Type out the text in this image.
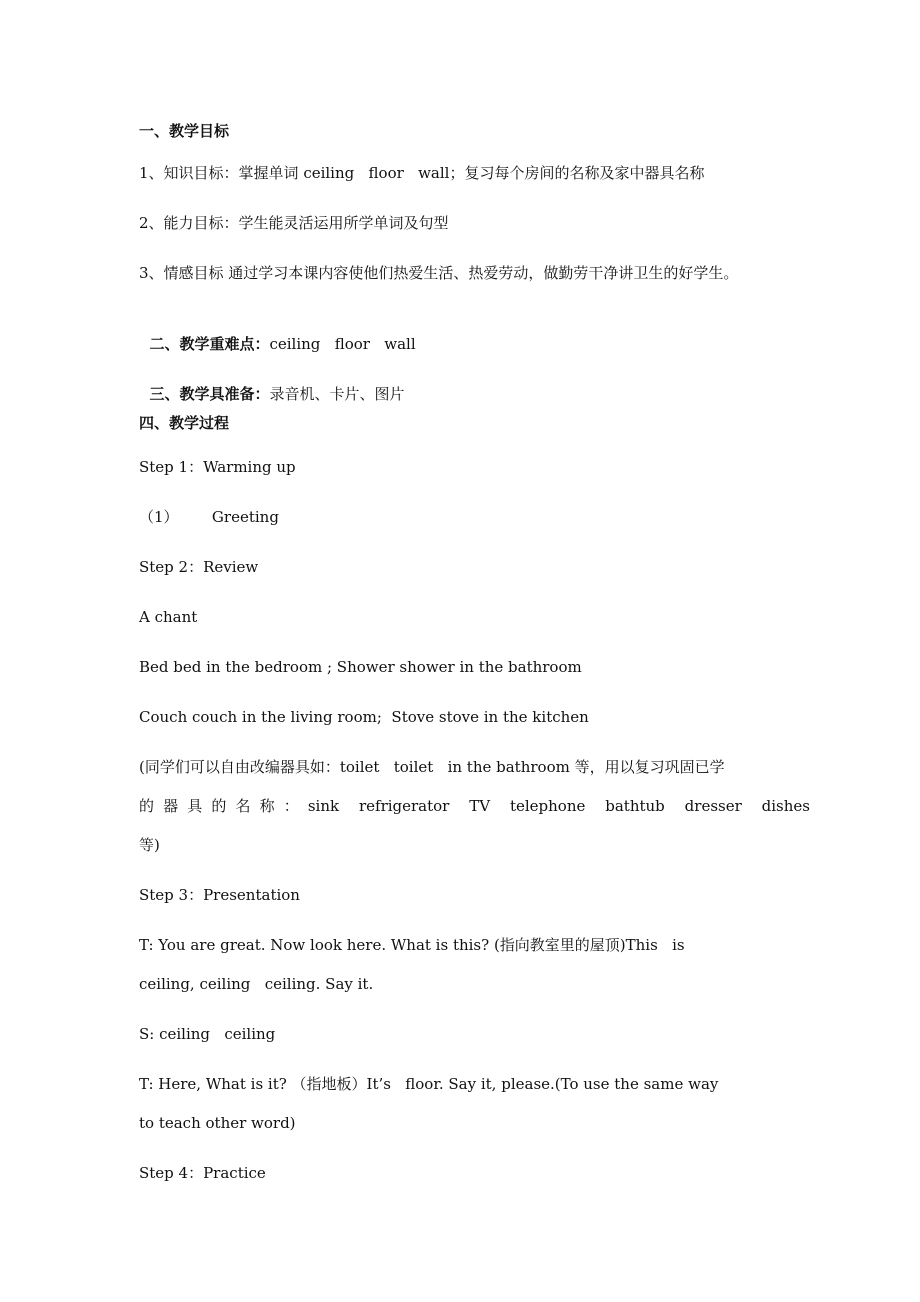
一、教学目标
1、知识目标：掌握单词 ceiling   floor   wall；复习每个房间的名称及家中器具名称
2、能力目标：学生能灵活运用所学单词及句型
3、情感目标 通过学习本课内容使他们热爱生活、热爱劳动，做勤劳干净讲卫生的好学生。

二、教学重难点：ceiling   floor   wall

三、教学具准备：录音机、卡片、图片

四、教学过程
Step 1：Warming up
（1）       Greeting
Step 2：Review
A chant
Bed bed in the bedroom ; Shower shower in the bathroom
Couch couch in the living room;  Stove stove in the kitchen
(同学们可以自由改编器具如：toilet   toilet   in the bathroom 等，用以复习巩固已学
的器具的名称：sink refrigerator TV telephone bathtub dresser dishes
等)
Step 3：Presentation
T: You are great. Now look here. What is this? (指向教室里的屋顶)This   is
ceiling, ceiling   ceiling. Say it.
S: ceiling   ceiling
T: Here, What is it? （指地板）It’s   floor. Say it, please.(To use the same way
to teach other word)
Step 4：Practice
